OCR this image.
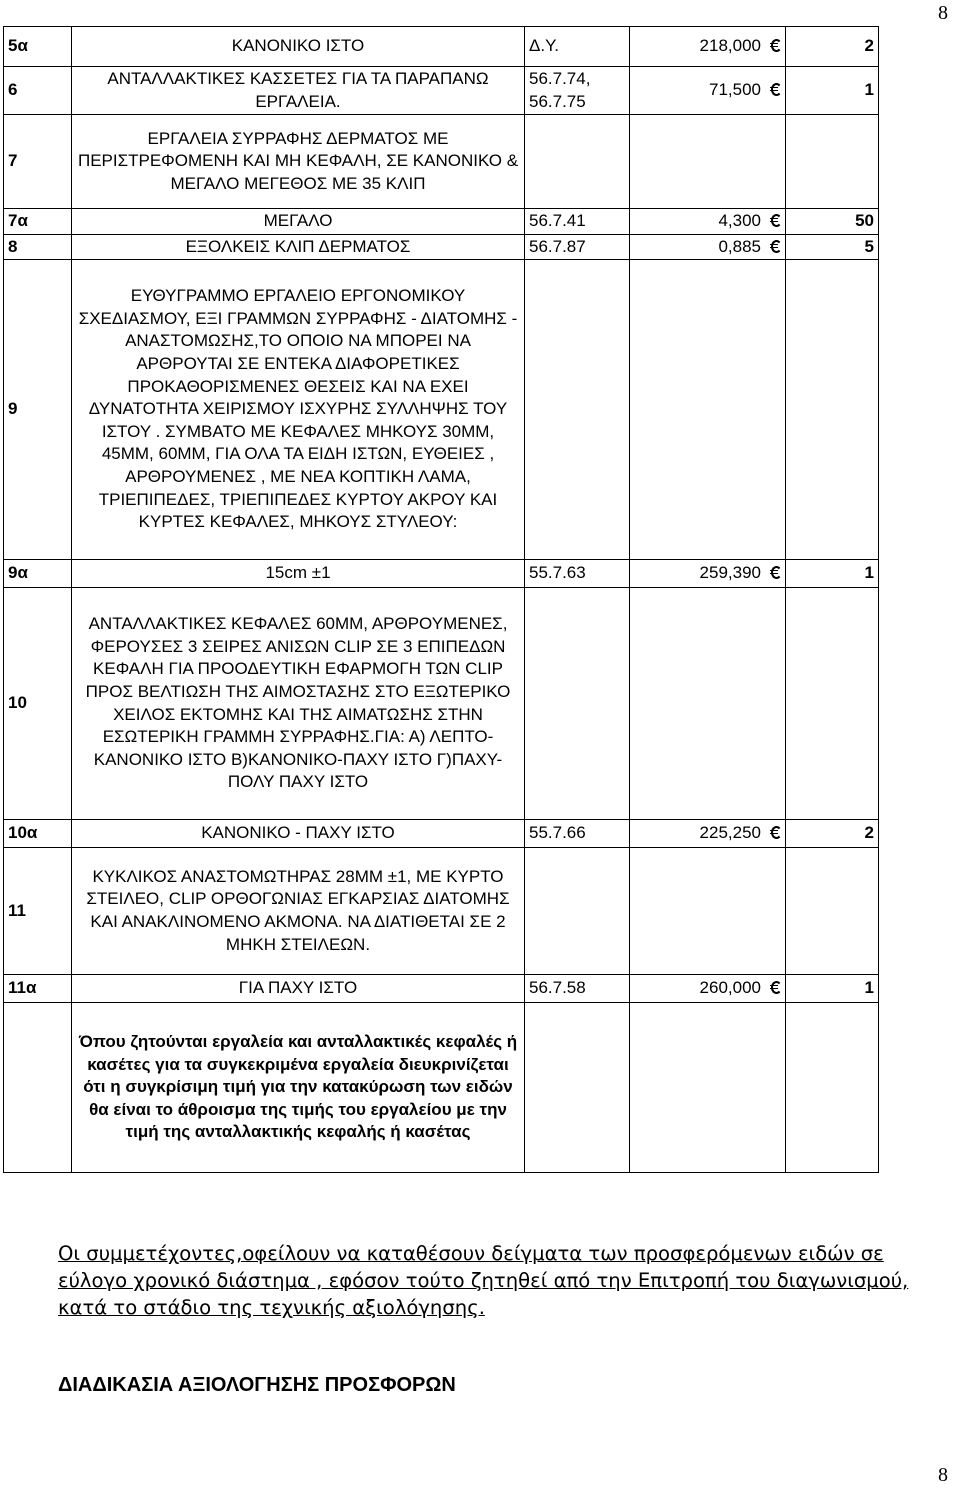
8
5α	ΚΑΝΟΝΙΚΟ ΙΣΤΟ	Δ.Υ.	218,000	2
6	ΑΝΤΑΛΛΑΚΤΙΚΕΣ ΚΑΣΣΕΤΕΣ ΓΙΑ ΤΑ ΠΑΡΑΠΑΝΩ ΕΡΓΑΛΕΙΑ.	56.7.74, 56.7.75	71,500	1
7	ΕΡΓΑΛΕΙΑ ΣΥΡΡΑΦΗΣ ΔΕΡΜΑΤΟΣ ΜΕ ΠΕΡΙΣΤΡΕΦΟΜΕΝΗ ΚΑΙ ΜΗ ΚΕΦΑΛΗ, ΣΕ ΚΑΝΟΝΙΚΟ & ΜΕΓΑΛΟ ΜΕΓΕΘΟΣ ΜΕ 35 ΚΛΙΠ			
7α	ΜΕΓΑΛΟ	56.7.41	4,300	50
8	ΕΞΟΛΚΕΙΣ ΚΛΙΠ ΔΕΡΜΑΤΟΣ	56.7.87	0,885	5
9	ΕΥΘΥΓΡΑΜΜΟ ΕΡΓΑΛΕΙΟ ΕΡΓΟΝΟΜΙΚΟΥ ΣΧΕΔΙΑΣΜΟΥ, ΕΞΙ ΓΡΑΜΜΩΝ ΣΥΡΡΑΦΗΣ - ΔΙΑΤΟΜΗΣ - ΑΝΑΣΤΟΜΩΣΗΣ,ΤΟ ΟΠΟΙΟ ΝΑ ΜΠΟΡΕΙ ΝΑ ΑΡΘΡΟΥΤΑΙ ΣΕ ΕΝΤΕΚΑ ΔΙΑΦΟΡΕΤΙΚΕΣ ΠΡΟΚΑΘΟΡΙΣΜΕΝΕΣ ΘΕΣΕΙΣ ΚΑΙ ΝΑ ΕΧΕΙ ΔΥΝΑΤΟΤΗΤΑ ΧΕΙΡΙΣΜΟΥ ΙΣΧΥΡΗΣ ΣΥΛΛΗΨΗΣ ΤΟΥ ΙΣΤΟΥ . ΣΥΜΒΑΤΟ ΜΕ ΚΕΦΑΛΕΣ ΜΗΚΟΥΣ 30ΜΜ, 45ΜΜ, 60ΜΜ, ΓΙΑ ΟΛΑ ΤΑ ΕΙΔΗ ΙΣΤΩΝ, ΕΥΘΕΙΕΣ , ΑΡΘΡΟΥΜΕΝΕΣ , ΜΕ ΝΕΑ ΚΟΠΤΙΚΗ ΛΑΜΑ, ΤΡΙΕΠΙΠΕΔΕΣ, ΤΡΙΕΠΙΠΕΔΕΣ ΚΥΡΤΟΥ ΑΚΡΟΥ ΚΑΙ ΚΥΡΤΕΣ ΚΕΦΑΛΕΣ, ΜΗΚΟΥΣ ΣΤΥΛΕΟΥ:			
9α	15cm ±1	55.7.63	259,390	1
10	ΑΝΤΑΛΛΑΚΤΙΚΕΣ ΚΕΦΑΛΕΣ 60ΜΜ, ΑΡΘΡΟΥΜΕΝΕΣ, ΦΕΡΟΥΣΕΣ 3 ΣΕΙΡΕΣ ΑΝΙΣΩΝ CLIP ΣΕ 3 ΕΠΙΠΕΔΩΝ ΚΕΦΑΛΗ ΓΙΑ ΠΡΟΟΔΕΥΤΙΚΗ ΕΦΑΡΜΟΓΗ ΤΩΝ CLIP ΠΡΟΣ ΒΕΛΤΙΩΣΗ ΤΗΣ ΑΙΜΟΣΤΑΣΗΣ ΣΤΟ ΕΞΩΤΕΡΙΚΟ ΧΕΙΛΟΣ ΕΚΤΟΜΗΣ ΚΑΙ ΤΗΣ ΑΙΜΑΤΩΣΗΣ ΣΤΗΝ ΕΣΩΤΕΡΙΚΗ ΓΡΑΜΜΗ ΣΥΡΡΑΦΗΣ.ΓΙΑ: Α) ΛΕΠΤΟ- ΚΑΝΟΝΙΚΟ ΙΣΤΟ Β)ΚΑΝΟΝΙΚΟ-ΠΑΧΥ ΙΣΤΟ Γ)ΠΑΧΥ- ΠΟΛΥ ΠΑΧΥ ΙΣΤΟ			
10α	ΚΑΝΟΝΙΚΟ - ΠΑΧΥ ΙΣΤΟ	55.7.66	225,250	2
11	ΚΥΚΛΙΚΟΣ ΑΝΑΣΤΟΜΩΤΗΡΑΣ 28ΜΜ ±1, ΜΕ ΚΥΡΤΟ ΣΤΕΙΛΕΟ, CLIP ΟΡΘΟΓΩΝΙΑΣ ΕΓΚΑΡΣΙΑΣ ΔΙΑΤΟΜΗΣ ΚΑΙ ΑΝΑΚΛΙΝΟΜΕΝΟ ΑΚΜΟΝΑ. ΝΑ ΔΙΑΤΙΘΕΤΑΙ ΣΕ 2 ΜΗΚΗ ΣΤΕΙΛΕΩΝ.			
11α	ΓΙΑ ΠΑΧΥ ΙΣΤΟ	56.7.58	260,000	1
	Όπου ζητούνται εργαλεία και ανταλλακτικές κεφαλές ή κασέτες για τα συγκεκριμένα εργαλεία διευκρινίζεται ότι η συγκρίσιμη τιμή για την κατακύρωση των ειδών θα είναι το άθροισμα της τιμής του εργαλείου με την τιμή της ανταλλακτικής κεφαλής ή κασέτας			
Οι συμμετέχοντες,οφείλουν να καταθέσουν δείγματα των προσφερόμενων ειδών σε εύλογο χρονικό διάστημα , εφόσον τούτο ζητηθεί από την Επιτροπή του διαγωνισμού, κατά το στάδιο της τεχνικής αξιολόγησης.
ΔΙΑΔΙΚΑΣΙΑ ΑΞΙΟΛΟΓΗΣΗΣ ΠΡΟΣΦΟΡΩΝ
8
